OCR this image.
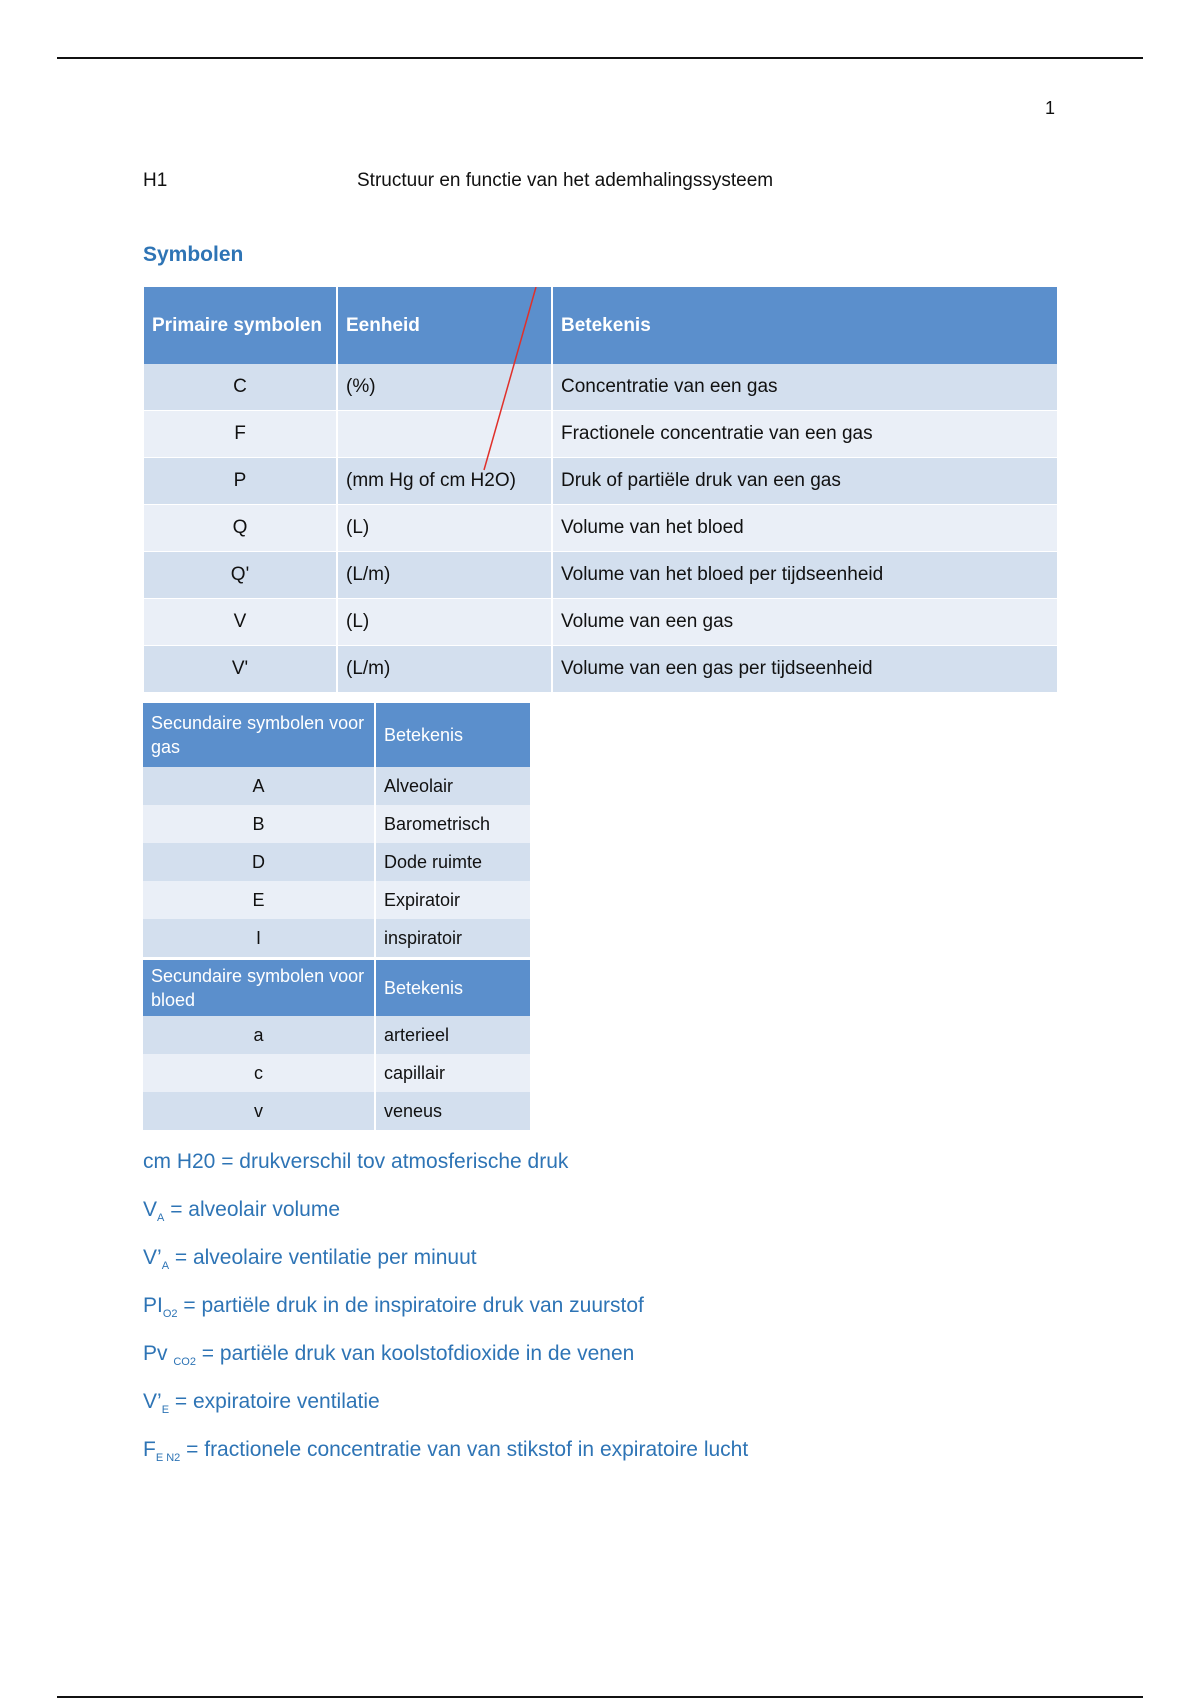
1
H1	Structuur en functie van het ademhalingssysteem
Symbolen
Primaire symbolen	Eenheid	Betekenis
C	(%)	Concentratie van een gas
F		Fractionele concentratie van een gas
P	(mm Hg of cm H2O)	Druk of partiële druk van een gas
Q	(L)	Volume van het bloed
Q'	(L/m)	Volume van het bloed per tijdseenheid
V	(L)	Volume van een gas
V'	(L/m)	Volume van een gas per tijdseenheid
Secundaire symbolen voor gas	Betekenis
A	Alveolair
B	Barometrisch
D	Dode ruimte
E	Expiratoir
I	inspiratoir
Secundaire symbolen voor bloed	Betekenis
a	arterieel
c	capillair
v	veneus

cm H20 = drukverschil tov atmosferische druk

$V_A$ = alveolair volume

$V’_A$ = alveolaire ventilatie per minuut

$PI_{O2}$ = partiële druk in de inspiratoire druk van zuurstof

Pv $_{CO2}$ = partiële druk van koolstofdioxide in de venen

$V’_E$ = expiratoire ventilatie

$F_{E N2}$ = fractionele concentratie van van stikstof in expiratoire lucht
